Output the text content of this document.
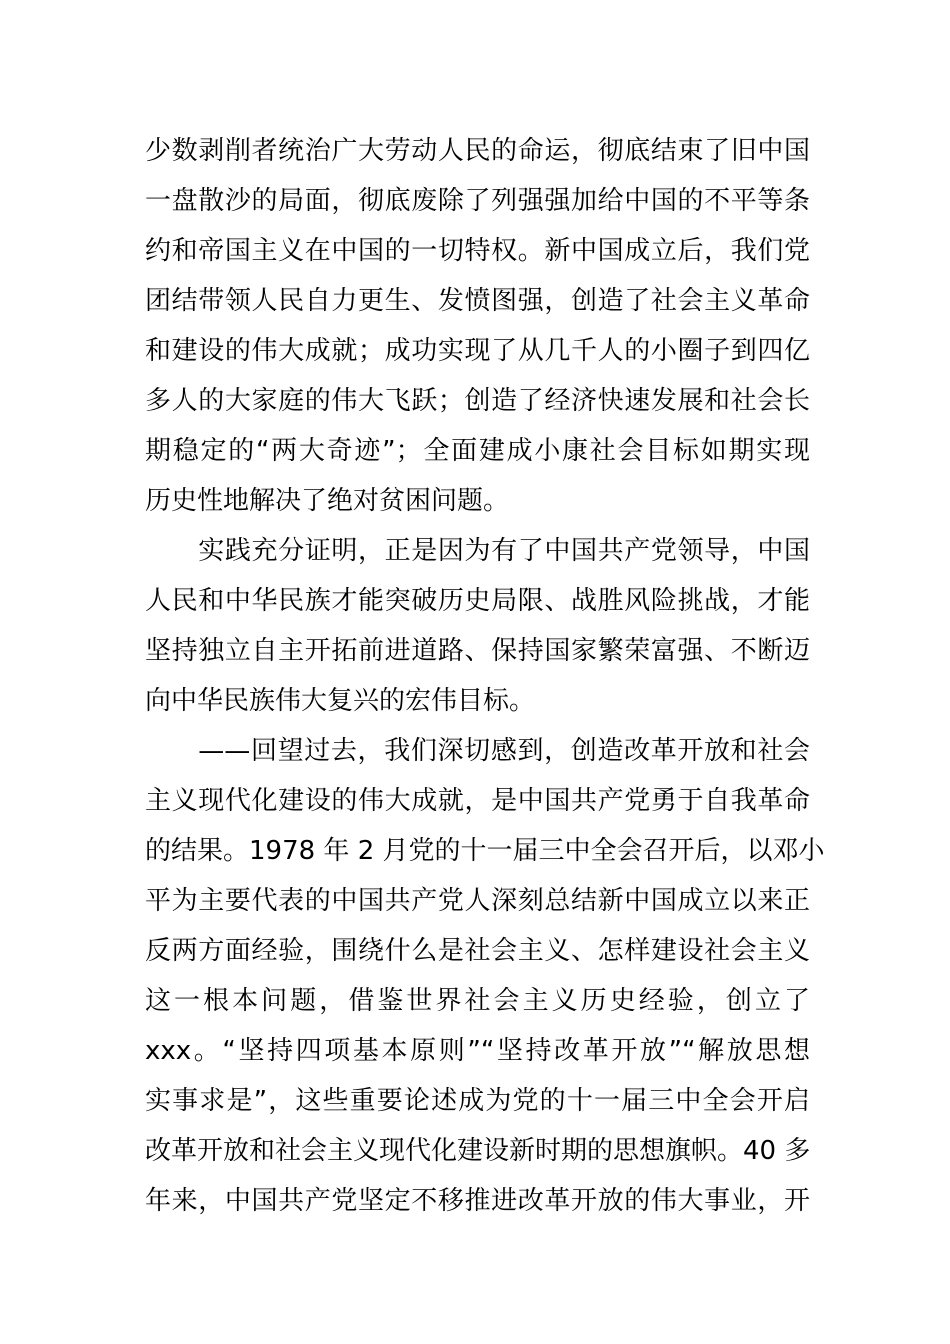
少数剥削者统治广大劳动人民的命运，彻底结束了旧中国
一盘散沙的局面，彻底废除了列强强加给中国的不平等条
约和帝国主义在中国的一切特权。新中国成立后，我们党
团结带领人民自力更生、发愤图强，创造了社会主义革命
和建设的伟大成就；成功实现了从几千人的小圈子到四亿
多人的大家庭的伟大飞跃；创造了经济快速发展和社会长
期稳定的“两大奇迹”；全面建成小康社会目标如期实现
历史性地解决了绝对贫困问题。
　　实践充分证明，正是因为有了中国共产党领导，中国
人民和中华民族才能突破历史局限、战胜风险挑战，才能
坚持独立自主开拓前进道路、保持国家繁荣富强、不断迈
向中华民族伟大复兴的宏伟目标。
　　——回望过去，我们深切感到，创造改革开放和社会
主义现代化建设的伟大成就，是中国共产党勇于自我革命
的结果。1978 年 2 月党的十一届三中全会召开后，以邓小
平为主要代表的中国共产党人深刻总结新中国成立以来正
反两方面经验，围绕什么是社会主义、怎样建设社会主义
这一根本问题，借鉴世界社会主义历史经验，创立了
xxx。“坚持四项基本原则”“坚持改革开放”“解放思想
实事求是”，这些重要论述成为党的十一届三中全会开启
改革开放和社会主义现代化建设新时期的思想旗帜。40 多
年来，中国共产党坚定不移推进改革开放的伟大事业，开
